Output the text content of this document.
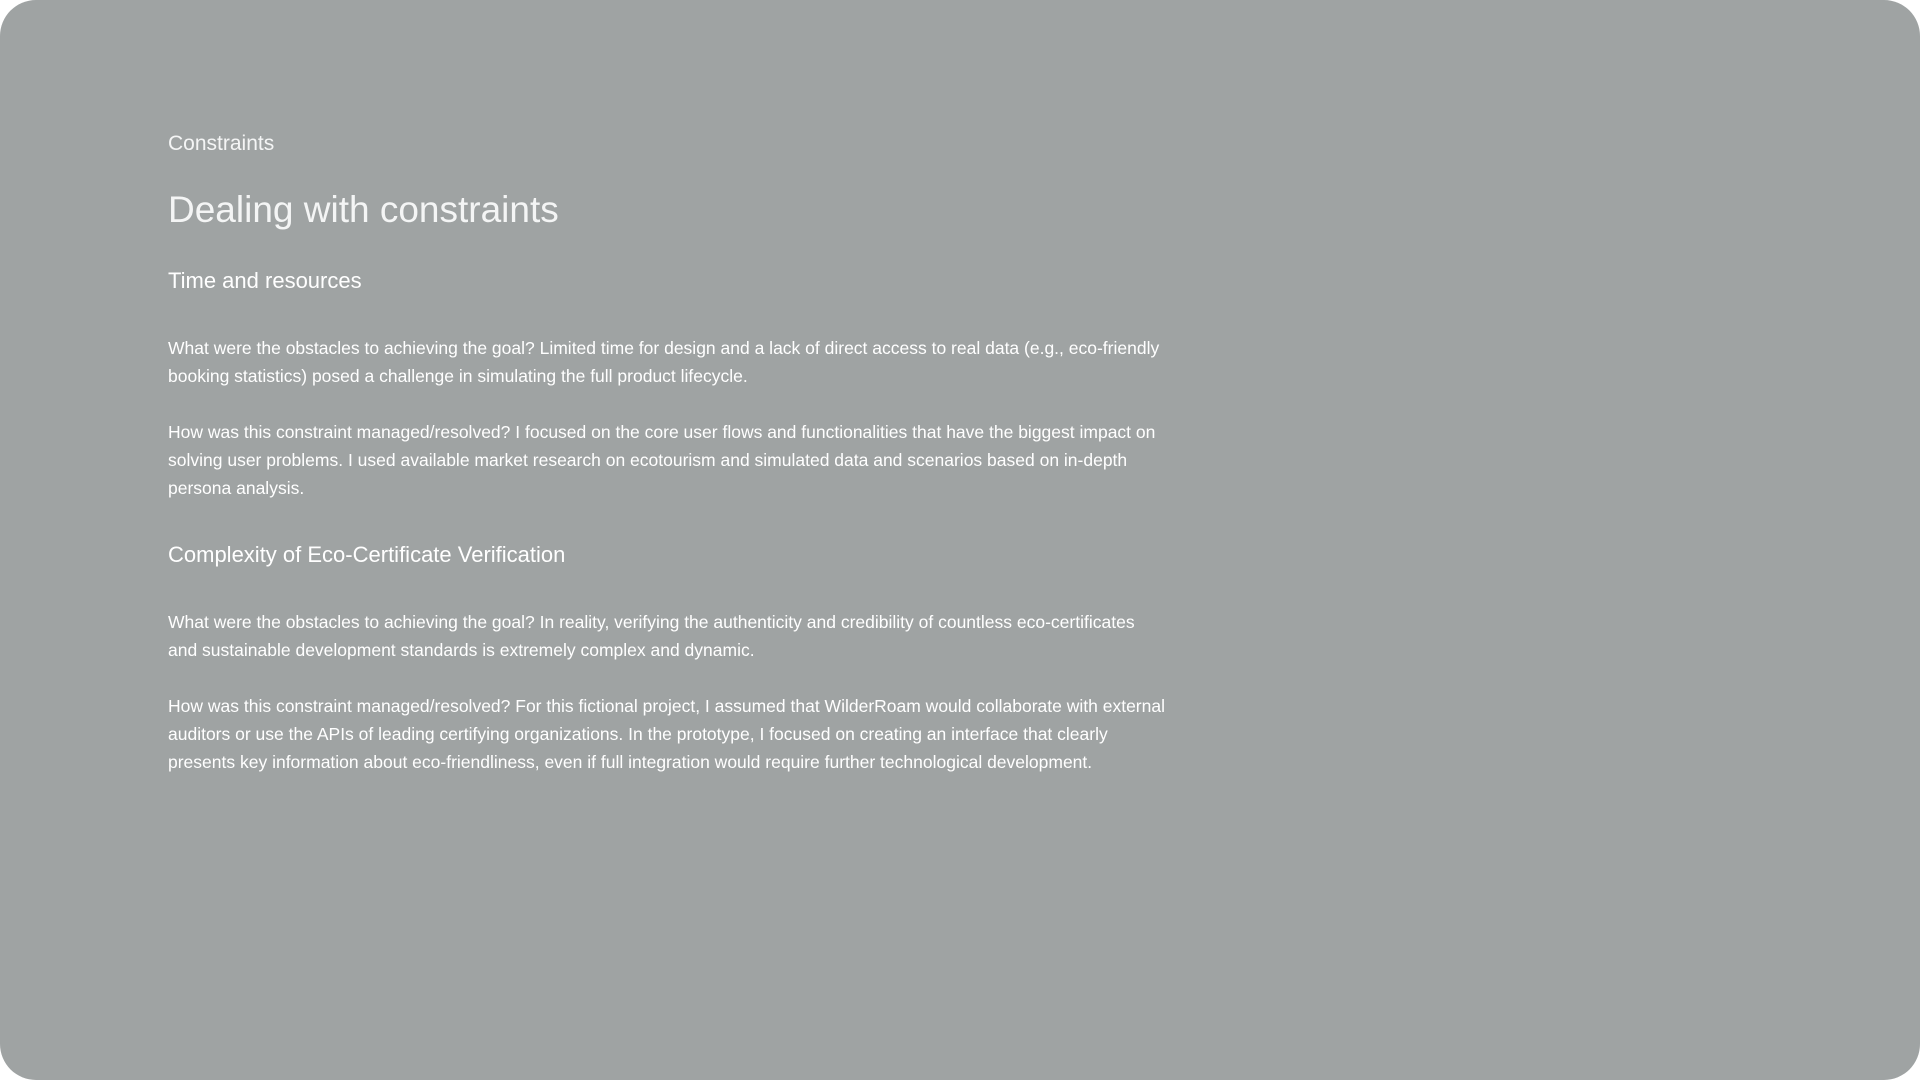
Constraints

Dealing with constraints
Time and resources

What were the obstacles to achieving the goal? Limited time for design and a lack of direct access to real data (e.g., eco-friendly booking statistics) posed a challenge in simulating the full product lifecycle.

How was this constraint managed/resolved? I focused on the core user flows and functionalities that have the biggest impact on solving user problems. I used available market research on ecotourism and simulated data and scenarios based on in-depth persona analysis.

Complexity of Eco-Certificate Verification

What were the obstacles to achieving the goal? In reality, verifying the authenticity and credibility of countless eco-certificates and sustainable development standards is extremely complex and dynamic.

How was this constraint managed/resolved? For this fictional project, I assumed that WilderRoam would collaborate with external auditors or use the APIs of leading certifying organizations. In the prototype, I focused on creating an interface that clearly presents key information about eco-friendliness, even if full integration would require further technological development.
